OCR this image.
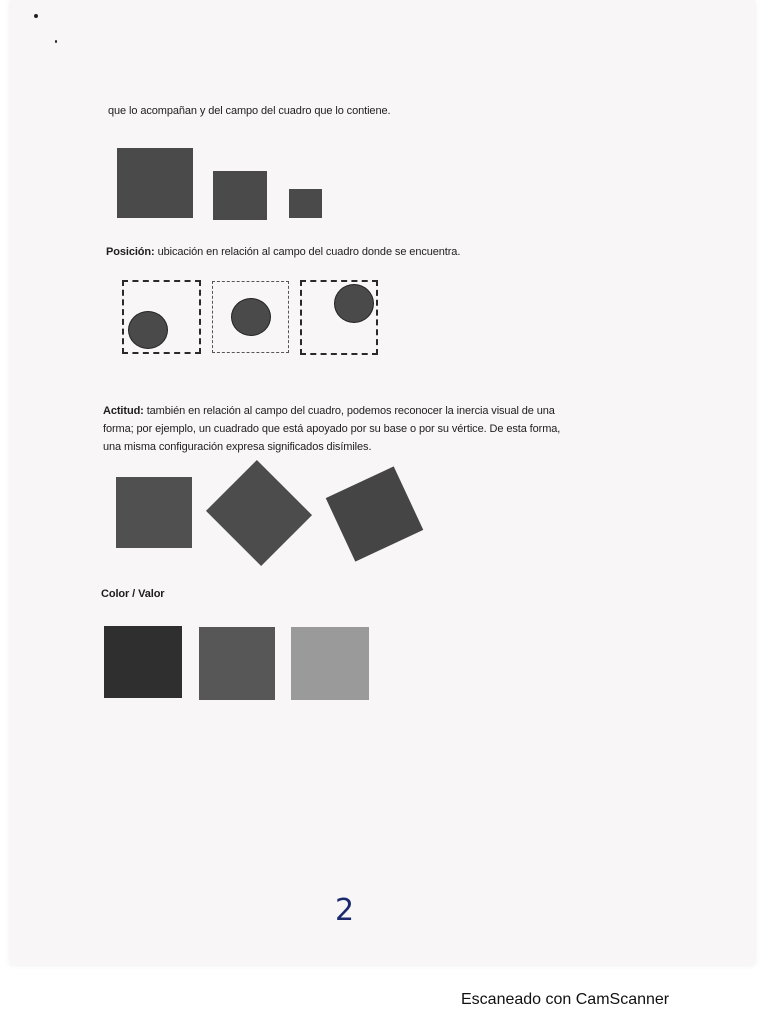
que lo acompañan y del campo del cuadro que lo contiene.
Posición: ubicación en relación al campo del cuadro donde se encuentra.
Actitud: también en relación al campo del cuadro, podemos reconocer la inercia visual de una
forma; por ejemplo, un cuadrado que está apoyado por su base o por su vértice. De esta forma,
una misma configuración expresa significados disímiles.
Color / Valor
2
Escaneado con CamScanner
